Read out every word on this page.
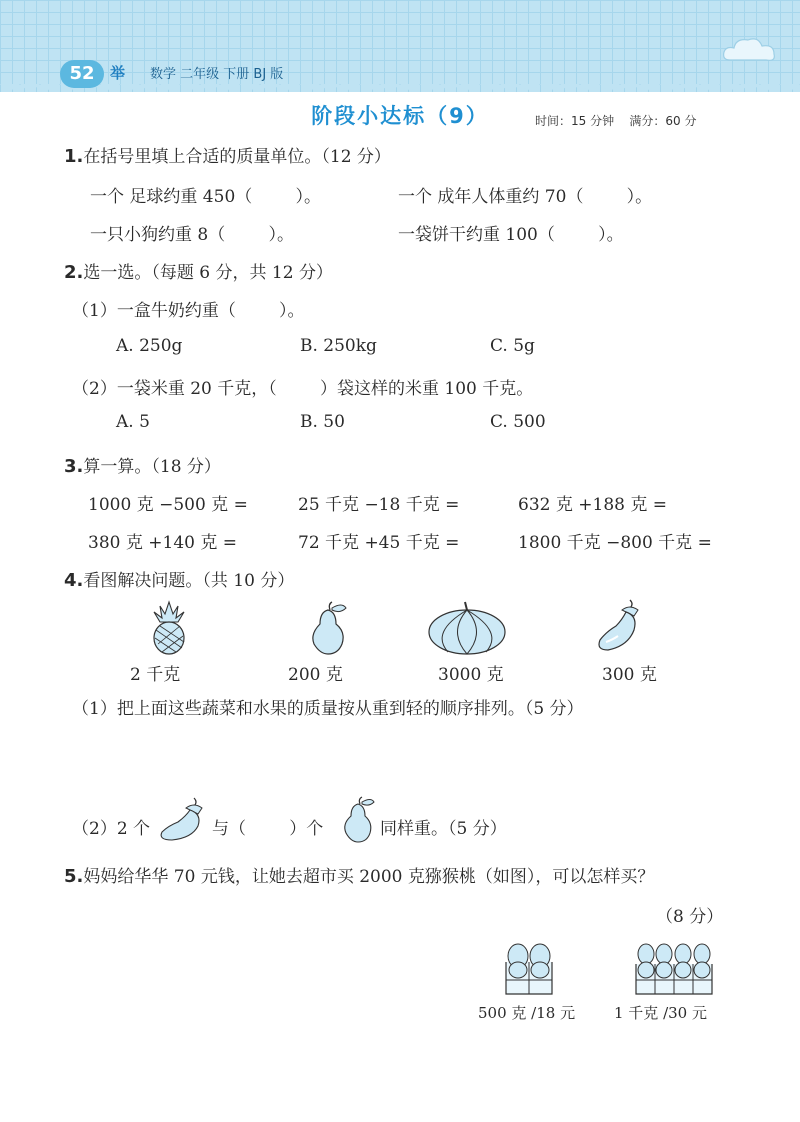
52	举 数学 二年级 下册 BJ 版
阶段小达标（9）	时间：15 分钟 满分：60 分
1.在括号里填上合适的质量单位。（12 分）
一个 足球约重 450（        ）。	一个 成年人体重约 70（        ）。
一只小狗约重 8（        ）。	一袋饼干约重 100（        ）。
2.选一选。（每题 6 分，共 12 分）
（1）一盒牛奶约重（        ）。
A. 250g	B. 250kg	C. 5g
（2）一袋米重 20 千克，（        ）袋这样的米重 100 千克。
A. 5	B. 50	C. 500
3.算一算。（18 分）
1000 克 −500 克 =	25 千克 −18 千克 =	632 克 +188 克 =
380 克 +140 克 =	72 千克 +45 千克 =	1800 千克 −800 千克 =
4.看图解决问题。（共 10 分）
2 千克	200 克	3000 克	300 克
（1）把上面这些蔬菜和水果的质量按从重到轻的顺序排列。（5 分）
（2）2 个	与（        ）个	同样重。（5 分）
5.妈妈给华华 70 元钱，让她去超市买 2000 克猕猴桃（如图），可以怎样买？
（8 分）
500 克 /18 元	1 千克 /30 元
